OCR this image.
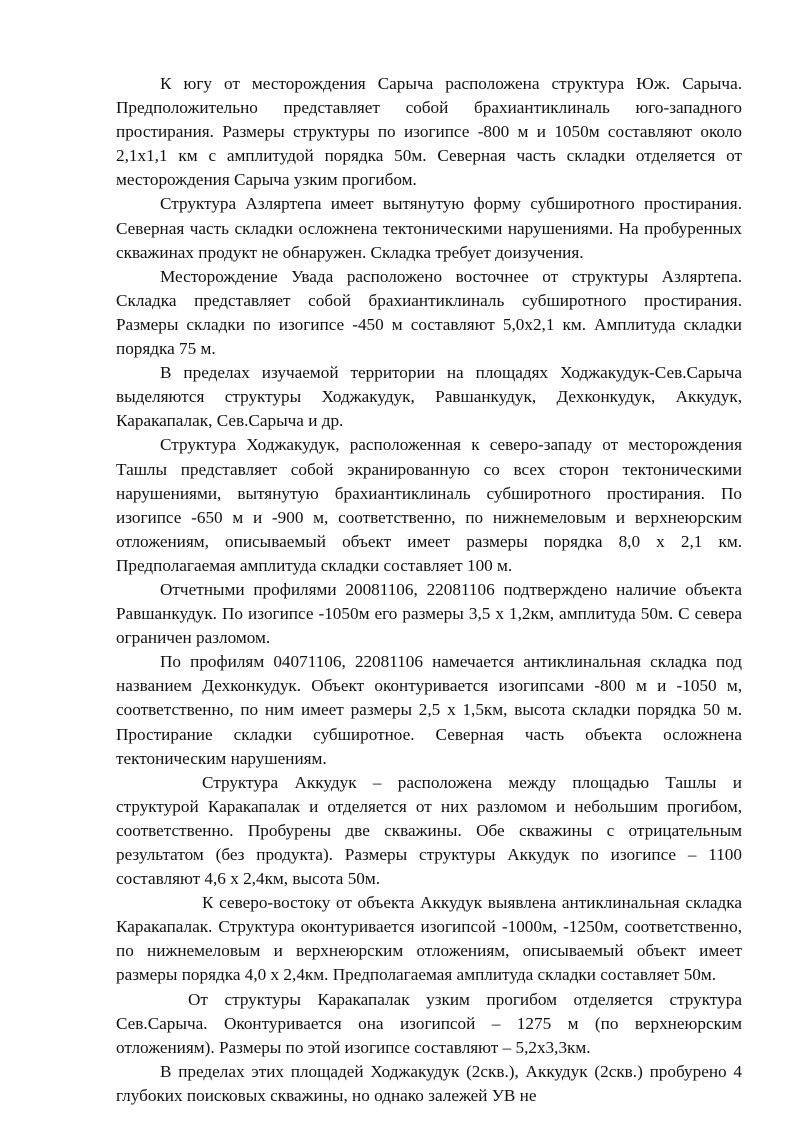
К югу от месторождения Сарыча расположена структура Юж. Сарыча. Предположительно представляет собой брахиантиклиналь юго-западного простирания. Размеры структуры по изогипсе -800 м и 1050м составляют около 2,1х1,1 км с амплитудой порядка 50м. Северная часть складки отделяется от месторождения Сарыча узким прогибом.

Структура Азляртепа имеет вытянутую форму субширотного простирания. Северная часть складки осложнена тектоническими нарушениями. На пробуренных скважинах продукт не обнаружен. Складка требует доизучения.

Месторождение Увада расположено восточнее от структуры Азляртепа. Складка представляет собой брахиантиклиналь субширотного простирания. Размеры складки по изогипсе -450 м составляют 5,0х2,1 км. Амплитуда складки порядка 75 м.

В пределах изучаемой территории на площадях Ходжакудук-Сев.Сарыча выделяются структуры Ходжакудук, Равшанкудук, Дехконкудук, Аккудук, Каракапалак, Сев.Сарыча и др.

Структура Ходжакудук, расположенная к северо-западу от месторождения Ташлы представляет собой экранированную со всех сторон тектоническими нарушениями, вытянутую брахиантиклиналь субширотного простирания. По изогипсе -650 м и -900 м, соответственно, по нижнемеловым и верхнеюрским отложениям, описываемый объект имеет размеры порядка 8,0 х 2,1 км. Предполагаемая амплитуда складки составляет 100 м.

Отчетными профилями 20081106, 22081106 подтверждено наличие объекта Равшанкудук. По изогипсе -1050м его размеры 3,5 х 1,2км, амплитуда 50м. С севера ограничен разломом.

По профилям 04071106, 22081106 намечается антиклинальная складка под названием Дехконкудук. Объект оконтуривается изогипсами -800 м и -1050 м, соответственно, по ним имеет размеры 2,5 х 1,5км, высота складки порядка 50 м. Простирание складки субширотное. Северная часть объекта осложнена тектоническим нарушениям.

Структура Аккудук – расположена между площадью Ташлы и структурой Каракапалак и отделяется от них разломом и небольшим прогибом, соответственно. Пробурены две скважины. Обе скважины с отрицательным результатом (без продукта). Размеры структуры Аккудук по изогипсе – 1100 составляют 4,6 х 2,4км, высота 50м.

К северо-востоку от объекта Аккудук выявлена антиклинальная складка Каракапалак. Структура оконтуривается изогипсой -1000м, -1250м, соответственно, по нижнемеловым и верхнеюрским отложениям, описываемый объект имеет размеры порядка 4,0 х 2,4км. Предполагаемая амплитуда складки составляет 50м.

От структуры Каракапалак узким прогибом отделяется структура Сев.Сарыча. Оконтуривается она изогипсой – 1275 м (по верхнеюрским отложениям). Размеры по этой изогипсе составляют – 5,2х3,3км.

В пределах этих площадей Ходжакудук (2скв.), Аккудук (2скв.) пробурено 4 глубоких поисковых скважины, но однако залежей УВ не
